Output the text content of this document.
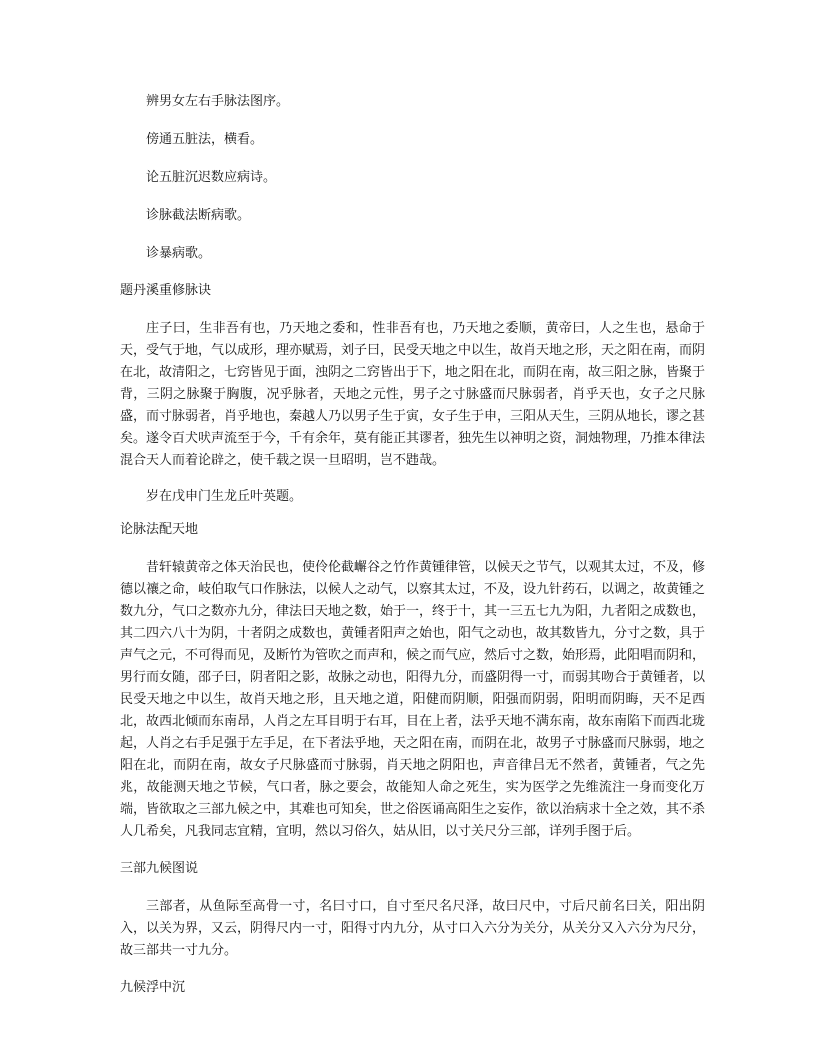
辨男女左右手脉法图序。

傍通五脏法，横看。

论五脏沉迟数应病诗。

诊脉截法断病歌。

诊暴病歌。

题丹溪重修脉诀

庄子曰，生非吾有也，乃天地之委和，性非吾有也，乃天地之委顺，黄帝曰，人之生也，悬命于天，受气于地，气以成形，理亦赋焉，刘子曰，民受天地之中以生，故肖天地之形，天之阳在南，而阴在北，故清阳之，七窍皆见于面，浊阴之二窍皆出于下，地之阳在北，而阴在南，故三阳之脉，皆聚于背，三阴之脉聚于胸腹，况乎脉者，天地之元性，男子之寸脉盛而尺脉弱者，肖乎天也，女子之尺脉盛，而寸脉弱者，肖乎地也，秦越人乃以男子生于寅，女子生于申，三阳从天生，三阴从地长，谬之甚矣。遂令百犬吠声流至于今，千有余年，莫有能正其谬者，独先生以神明之资，洞烛物理，乃推本律法混合天人而着论辟之，使千载之误一旦昭明，岂不韪哉。

岁在戊申门生龙丘叶英题。

论脉法配天地

昔轩辕黄帝之体天治民也，使伶伦截嶰谷之竹作黄锺律管，以候天之节气，以观其太过，不及，修德以禳之命，岐伯取气口作脉法，以候人之动气，以察其太过，不及，设九针药石，以调之，故黄锺之数九分，气口之数亦九分，律法曰天地之数，始于一，终于十，其一三五七九为阳，九者阳之成数也，其二四六八十为阴，十者阴之成数也，黄锺者阳声之始也，阳气之动也，故其数皆九，分寸之数，具于声气之元，不可得而见，及断竹为管吹之而声和，候之而气应，然后寸之数，始形焉，此阳唱而阴和，男行而女随，邵子曰，阴者阳之影，故脉之动也，阳得九分，而盛阴得一寸，而弱其吻合于黄锺者，以民受天地之中以生，故肖天地之形，且天地之道，阳健而阴顺，阳强而阴弱，阳明而阴晦，天不足西北，故西北倾而东南昂，人肖之左耳目明于右耳，目在上者，法乎天地不满东南，故东南陷下而西北珑起，人肖之右手足强于左手足，在下者法乎地，天之阳在南，而阴在北，故男子寸脉盛而尺脉弱，地之阳在北，而阴在南，故女子尺脉盛而寸脉弱，肖天地之阴阳也，声音律吕无不然者，黄锺者，气之先兆，故能测天地之节候，气口者，脉之要会，故能知人命之死生，实为医学之先维流注一身而变化万端，皆欲取之三部九候之中，其难也可知矣，世之俗医诵高阳生之妄作，欲以治病求十全之效，其不杀人几希矣，凡我同志宜精，宜明，然以习俗久，姑从旧，以寸关尺分三部，详列手图于后。

三部九候图说

三部者，从鱼际至高骨一寸，名曰寸口，自寸至尺名尺泽，故曰尺中，寸后尺前名曰关，阳出阴入，以关为界，又云，阴得尺内一寸，阳得寸内九分，从寸口入六分为关分，从关分又入六分为尺分，故三部共一寸九分。

九候浮中沉
